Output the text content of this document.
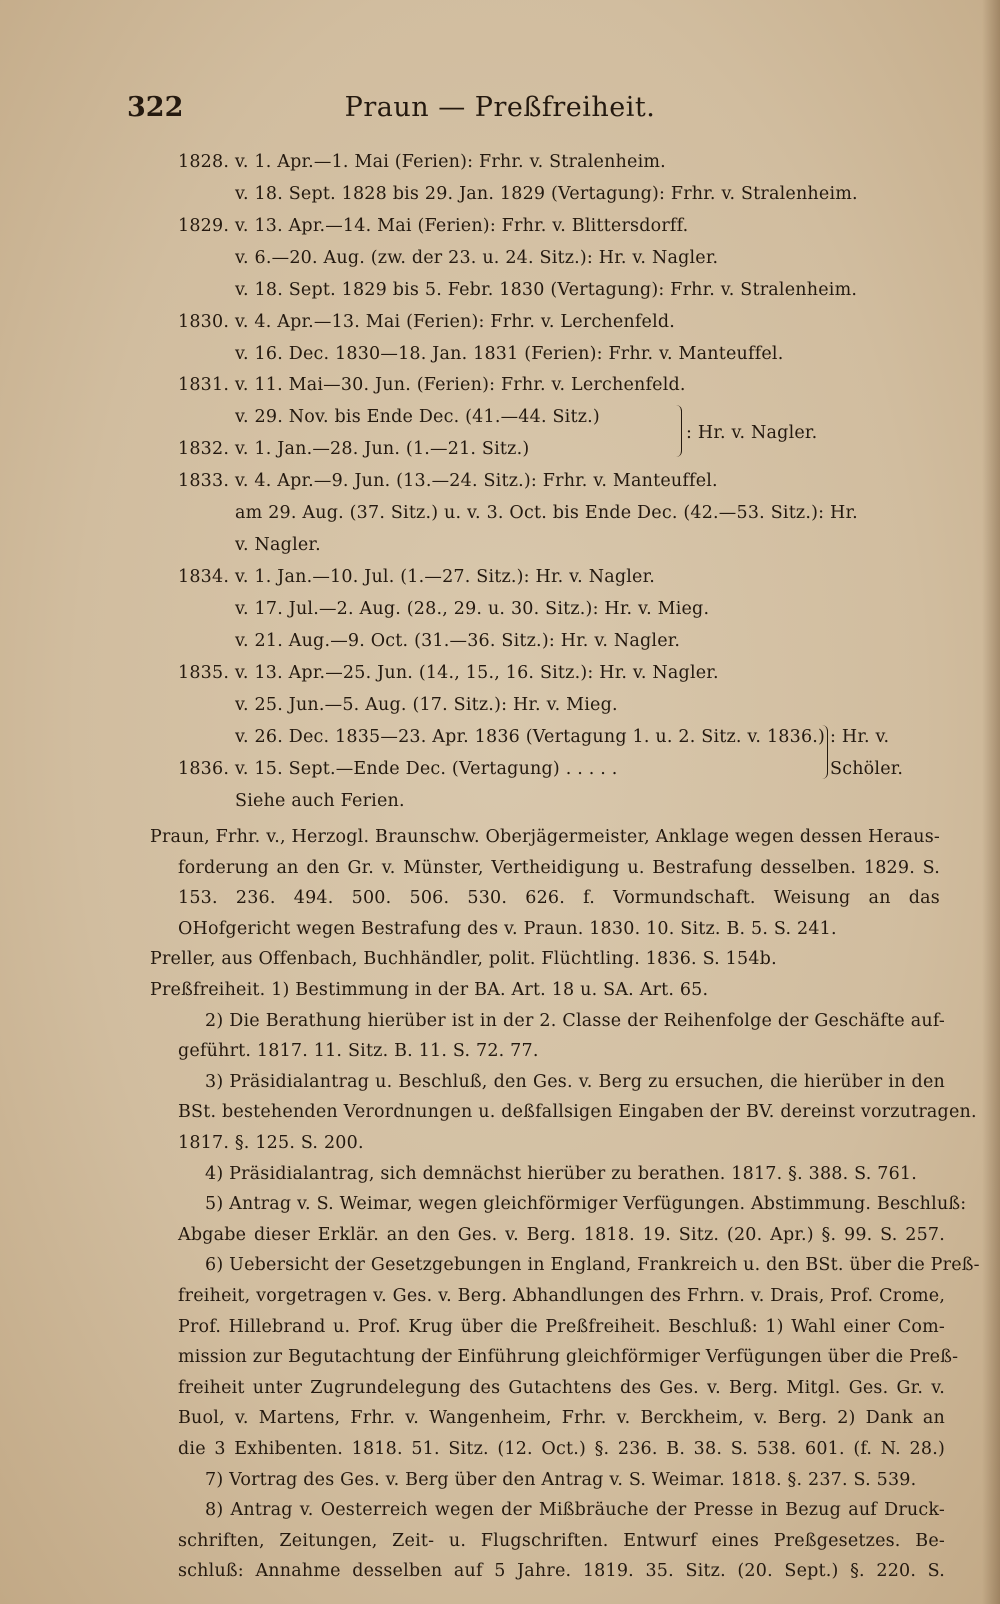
322	Praun — Preßfreiheit.
1828. v. 1. Apr.—1. Mai (Ferien): Frhr. v. Stralenheim.
v. 18. Sept. 1828 bis 29. Jan. 1829 (Vertagung): Frhr. v. Stralenheim.
1829. v. 13. Apr.—14. Mai (Ferien): Frhr. v. Blittersdorff.
v. 6.—20. Aug. (zw. der 23. u. 24. Sitz.): Hr. v. Nagler.
v. 18. Sept. 1829 bis 5. Febr. 1830 (Vertagung): Frhr. v. Stralenheim.
1830. v. 4. Apr.—13. Mai (Ferien): Frhr. v. Lerchenfeld.
v. 16. Dec. 1830—18. Jan. 1831 (Ferien): Frhr. v. Manteuffel.
1831. v. 11. Mai—30. Jun. (Ferien): Frhr. v. Lerchenfeld.
v. 29. Nov. bis Ende Dec. (41.—44. Sitz.)
1832. v. 1. Jan.—28. Jun. (1.—21. Sitz.)
: Hr. v. Nagler.
1833. v. 4. Apr.—9. Jun. (13.—24. Sitz.): Frhr. v. Manteuffel.
am 29. Aug. (37. Sitz.) u. v. 3. Oct. bis Ende Dec. (42.—53. Sitz.): Hr.
v. Nagler.
1834. v. 1. Jan.—10. Jul. (1.—27. Sitz.): Hr. v. Nagler.
v. 17. Jul.—2. Aug. (28., 29. u. 30. Sitz.): Hr. v. Mieg.
v. 21. Aug.—9. Oct. (31.—36. Sitz.): Hr. v. Nagler.
1835. v. 13. Apr.—25. Jun. (14., 15., 16. Sitz.): Hr. v. Nagler.
v. 25. Jun.—5. Aug. (17. Sitz.): Hr. v. Mieg.
v. 26. Dec. 1835—23. Apr. 1836 (Vertagung 1. u. 2. Sitz. v. 1836.) : Hr. v.
1836. v. 15. Sept.—Ende Dec. (Vertagung) . . . . .	Schöler.
Siehe auch Ferien.
Praun, Frhr. v., Herzogl. Braunschw. Oberjägermeister, Anklage wegen dessen Heraus-
forderung an den Gr. v. Münster, Vertheidigung u. Bestrafung desselben. 1829. S.
153. 236. 494. 500. 506. 530. 626. f. Vormundschaft. Weisung an das
OHofgericht wegen Bestrafung des v. Praun. 1830. 10. Sitz. B. 5. S. 241.
Preller, aus Offenbach, Buchhändler, polit. Flüchtling. 1836. S. 154b.
Preßfreiheit. 1) Bestimmung in der BA. Art. 18 u. SA. Art. 65.
2) Die Berathung hierüber ist in der 2. Classe der Reihenfolge der Geschäfte auf-
geführt. 1817. 11. Sitz. B. 11. S. 72. 77.
3) Präsidialantrag u. Beschluß, den Ges. v. Berg zu ersuchen, die hierüber in den
BSt. bestehenden Verordnungen u. deßfallsigen Eingaben der BV. dereinst vorzutragen.
1817. §. 125. S. 200.
4) Präsidialantrag, sich demnächst hierüber zu berathen. 1817. §. 388. S. 761.
5) Antrag v. S. Weimar, wegen gleichförmiger Verfügungen. Abstimmung. Beschluß:
Abgabe dieser Erklär. an den Ges. v. Berg. 1818. 19. Sitz. (20. Apr.) §. 99. S. 257.
6) Uebersicht der Gesetzgebungen in England, Frankreich u. den BSt. über die Preß-
freiheit, vorgetragen v. Ges. v. Berg. Abhandlungen des Frhrn. v. Drais, Prof. Crome,
Prof. Hillebrand u. Prof. Krug über die Preßfreiheit. Beschluß: 1) Wahl einer Com-
mission zur Begutachtung der Einführung gleichförmiger Verfügungen über die Preß-
freiheit unter Zugrundelegung des Gutachtens des Ges. v. Berg. Mitgl. Ges. Gr. v.
Buol, v. Martens, Frhr. v. Wangenheim, Frhr. v. Berckheim, v. Berg. 2) Dank an
die 3 Exhibenten. 1818. 51. Sitz. (12. Oct.) §. 236. B. 38. S. 538. 601. (f. N. 28.)
7) Vortrag des Ges. v. Berg über den Antrag v. S. Weimar. 1818. §. 237. S. 539.
8) Antrag v. Oesterreich wegen der Mißbräuche der Presse in Bezug auf Druck-
schriften, Zeitungen, Zeit- u. Flugschriften. Entwurf eines Preßgesetzes. Be-
schluß: Annahme desselben auf 5 Jahre. 1819. 35. Sitz. (20. Sept.) §. 220. S.
